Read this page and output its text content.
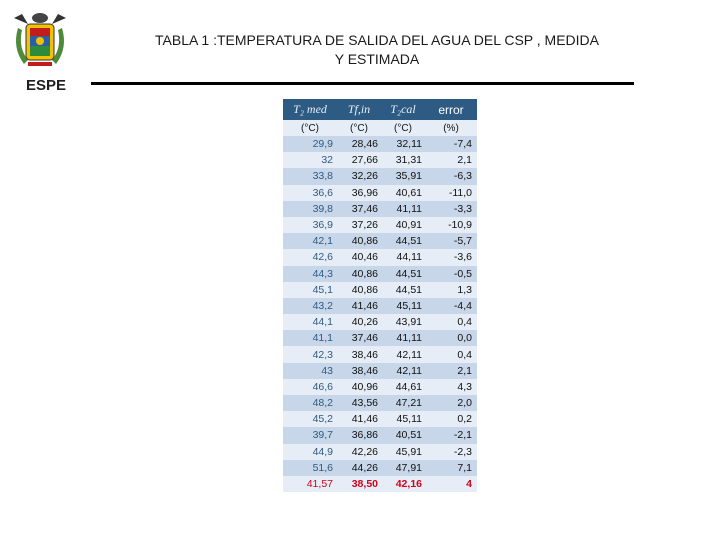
ESPE
TABLA 1 :TEMPERATURA DE SALIDA DEL AGUA DEL CSP , MEDIDA
Y ESTIMADA
T₂ med	Tf,in	T₂cal	error
(°C)	(°C)	(°C)	(%)
29,9	28,46	32,11	-7,4
32	27,66	31,31	2,1
33,8	32,26	35,91	-6,3
36,6	36,96	40,61	-11,0
39,8	37,46	41,11	-3,3
36,9	37,26	40,91	-10,9
42,1	40,86	44,51	-5,7
42,6	40,46	44,11	-3,6
44,3	40,86	44,51	-0,5
45,1	40,86	44,51	1,3
43,2	41,46	45,11	-4,4
44,1	40,26	43,91	0,4
41,1	37,46	41,11	0,0
42,3	38,46	42,11	0,4
43	38,46	42,11	2,1
46,6	40,96	44,61	4,3
48,2	43,56	47,21	2,0
45,2	41,46	45,11	0,2
39,7	36,86	40,51	-2,1
44,9	42,26	45,91	-2,3
51,6	44,26	47,91	7,1
41,57	38,50	42,16	4
